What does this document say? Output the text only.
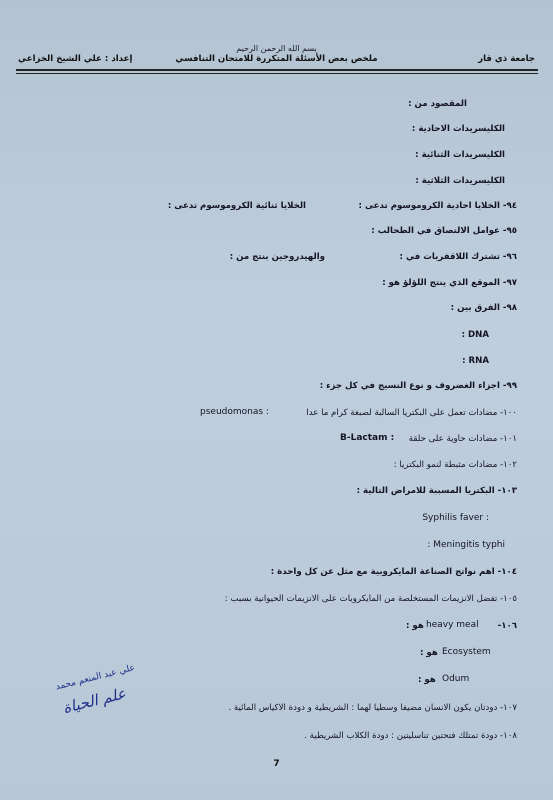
بسم الله الرحمن الرحيم
إعداد : علي الشيخ الخزاعي	ملخص بعض الأسئلة المتكررة للامتحان التنافسي	جامعة ذي قار
المقصود من :
الكليسريدات الاحادية :
الكليسريدات الثنائية :
الكليسريدات الثلاثية :
٩٤- الخلايا احادية الكروموسوم تدعى :
الخلايا ثنائية الكروموسوم تدعى :
٩٥- عوامل الالتصاق في الطحالب :
٩٦- تشترك اللاقفريات في :
والهيدروجين بنتج من :
٩٧- الموقع الذي ينتج اللؤلؤ هو :
٩٨- الفرق بين :
: DNA
: RNA
٩٩- اجزاء الغضروف و نوع النسيج في كل جزء :
١٠٠- مضادات تعمل على البكتريا السالبة لصبغة كرام ما عدا
pseudomonas :
١٠١- مضادات حاوية على حلقة
B-Lactam :
١٠٢- مضادات مثبطة لنمو البكتريا :
١٠٣- البكتريا المسببة للامراض التالية :
Syphilis faver :
: Meningitis typhi
١٠٤- اهم نواتج الصناعة المايكروبية مع مثل عن كل واحدة :
١٠٥- تفضل الانزيمات المستخلصة من المايكروبات على الانزيمات الحيوانية بسبب :
١٠٦-
heavy meal
هو :
Ecosystem
هو :
Odum
هو :
١٠٧- دودتان يكون الانسان مضيفا وسطيا لهما : الشريطية و دودة الاكياس المائية .
١٠٨- دودة تمتلك فتحتين تناسليتين : دودة الكلاب الشريطية .
علي عبد المنعم محمد
علم الحياة
7
